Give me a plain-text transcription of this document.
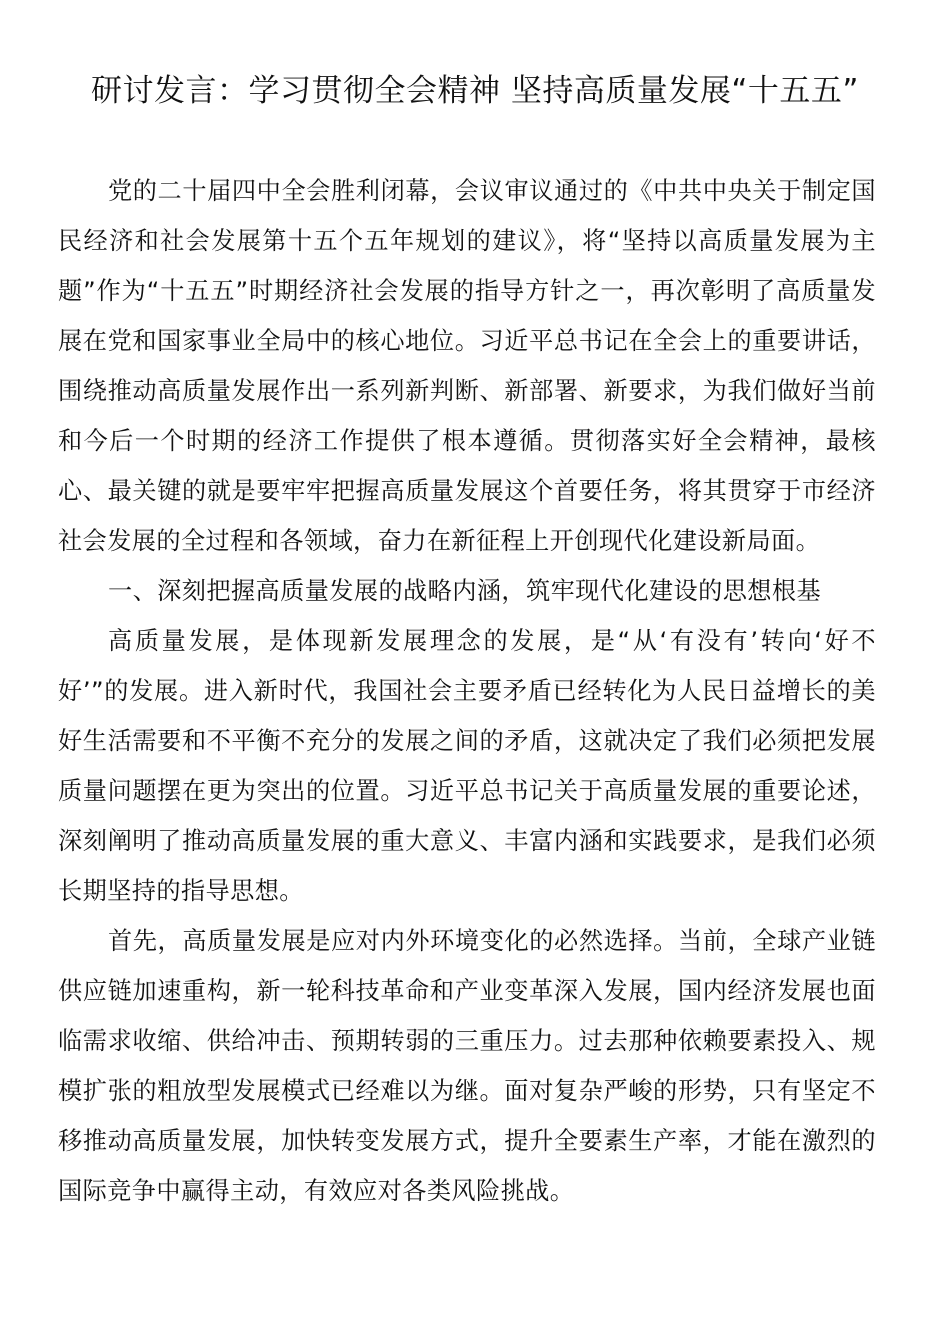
研讨发言：学习贯彻全会精神 坚持高质量发展“十五五”

党的二十届四中全会胜利闭幕，会议审议通过的《中共中央关于制定国民经济和社会发展第十五个五年规划的建议》，将“坚持以高质量发展为主题”作为“十五五”时期经济社会发展的指导方针之一，再次彰明了高质量发展在党和国家事业全局中的核心地位。习近平总书记在全会上的重要讲话，围绕推动高质量发展作出一系列新判断、新部署、新要求，为我们做好当前和今后一个时期的经济工作提供了根本遵循。贯彻落实好全会精神，最核心、最关键的就是要牢牢把握高质量发展这个首要任务，将其贯穿于市经济社会发展的全过程和各领域，奋力在新征程上开创现代化建设新局面。

一、深刻把握高质量发展的战略内涵，筑牢现代化建设的思想根基

高质量发展，是体现新发展理念的发展，是“从‘有没有’转向‘好不好’”的发展。进入新时代，我国社会主要矛盾已经转化为人民日益增长的美好生活需要和不平衡不充分的发展之间的矛盾，这就决定了我们必须把发展质量问题摆在更为突出的位置。习近平总书记关于高质量发展的重要论述，深刻阐明了推动高质量发展的重大意义、丰富内涵和实践要求，是我们必须长期坚持的指导思想。

首先，高质量发展是应对内外环境变化的必然选择。当前，全球产业链供应链加速重构，新一轮科技革命和产业变革深入发展，国内经济发展也面临需求收缩、供给冲击、预期转弱的三重压力。过去那种依赖要素投入、规模扩张的粗放型发展模式已经难以为继。面对复杂严峻的形势，只有坚定不移推动高质量发展，加快转变发展方式，提升全要素生产率，才能在激烈的国际竞争中赢得主动，有效应对各类风险挑战。
